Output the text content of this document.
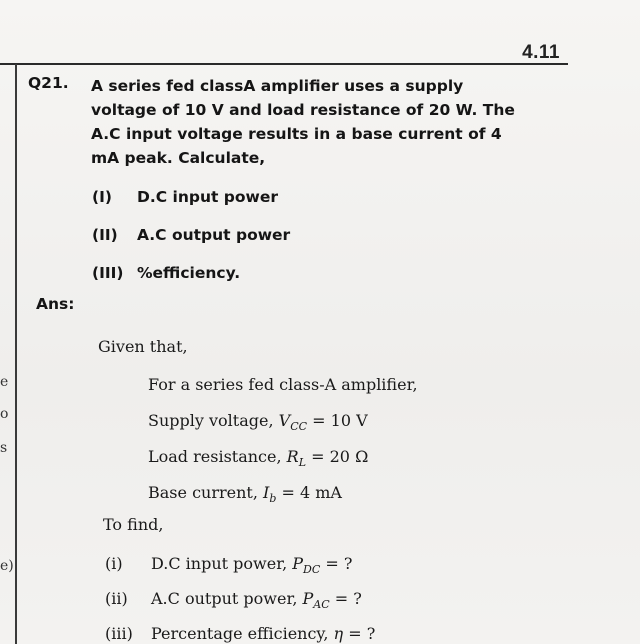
4.11
e
o
s
e)
Q21. A series fed classA amplifier uses a supply
voltage of 10 V and load resistance of 20 W. The
A.C input voltage results in a base current of 4
mA peak. Calculate,
(I) D.C input power
(II) A.C output power
(III) %efficiency.
Ans:
Given that,
For a series fed class-A amplifier,
Supply voltage, $V_{CC} = 10$ V
Load resistance, $R_L = 20$ Ω
Base current, $I_b = 4$ mA
To find,
(i) D.C input power, $P_{DC}$ = ?
(ii) A.C output power, $P_{AC}$ = ?
(iii) Percentage efficiency, η = ?
